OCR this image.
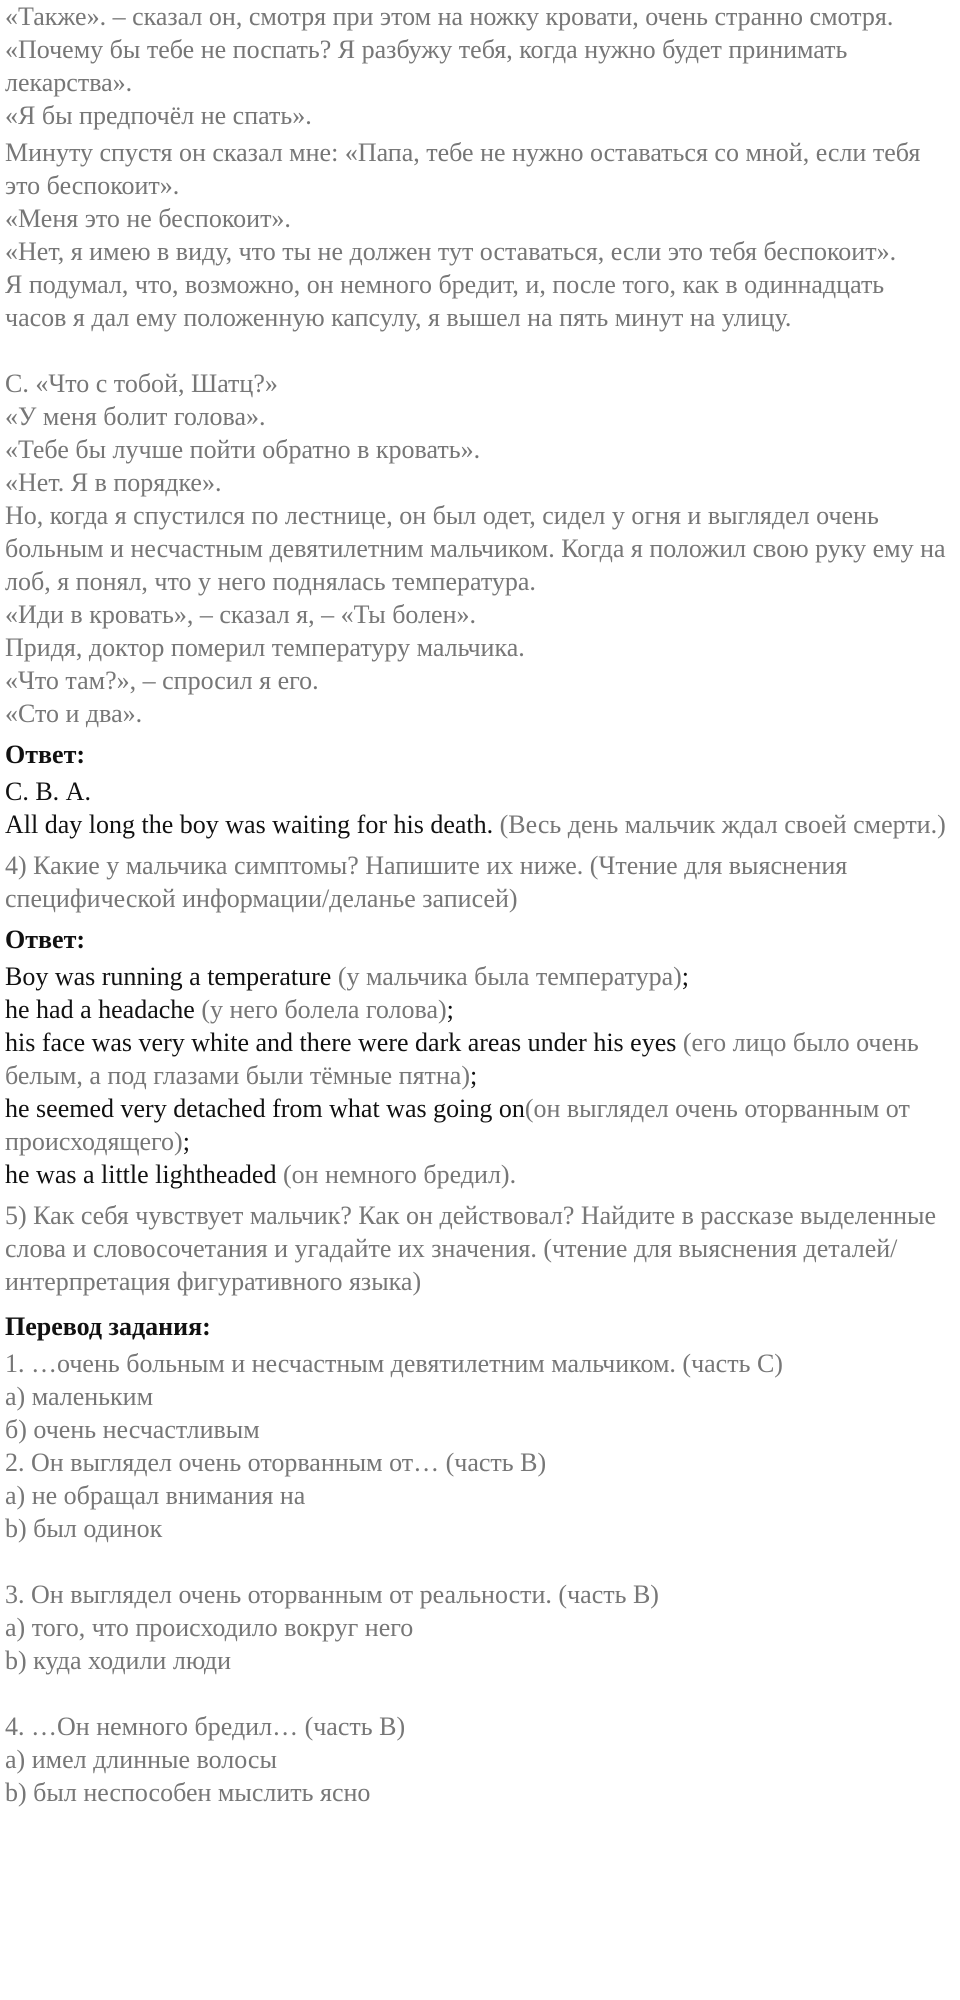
«Также». – сказал он, смотря при этом на ножку кровати, очень странно смотря.

«Почему бы тебе не поспать? Я разбужу тебя, когда нужно будет принимать лекарства».

«Я бы предпочёл не спать».

Минуту спустя он сказал мне: «Папа, тебе не нужно оставаться со мной, если тебя это беспокоит».

«Меня это не беспокоит».

«Нет, я имею в виду, что ты не должен тут оставаться, если это тебя беспокоит».

Я подумал, что, возможно, он немного бредит, и, после того, как в одиннадцать часов я дал ему положенную капсулу, я вышел на пять минут на улицу.

С. «Что с тобой, Шатц?»

«У меня болит голова».

«Тебе бы лучше пойти обратно в кровать».

«Нет. Я в порядке».

Но, когда я спустился по лестнице, он был одет, сидел у огня и выглядел очень больным и несчастным девятилетним мальчиком. Когда я положил свою руку ему на лоб, я понял, что у него поднялась температура.

«Иди в кровать», – сказал я, – «Ты болен».

Придя, доктор померил температуру мальчика.

«Что там?», – спросил я его.

«Сто и два».

Ответ:

С. В. А.

All day long the boy was waiting for his death. (Весь день мальчик ждал своей смерти.)

4) Какие у мальчика симптомы? Напишите их ниже. (Чтение для выяснения специфической информации/деланье записей)

Ответ:

Boy was running a temperature (у мальчика была температура);

he had a headache (у него болела голова);

his face was very white and there were dark areas under his eyes (его лицо было очень белым, а под глазами были тёмные пятна);

he seemed very detached from what was going on(он выглядел очень оторванным от происходящего);

he was a little lightheaded (он немного бредил).

5) Как себя чувствует мальчик? Как он действовал? Найдите в рассказе выделенные слова и словосочетания и угадайте их значения. (чтение для выяснения деталей/интерпретация фигуративного языка)

Перевод задания:

1. …очень больным и несчастным девятилетним мальчиком. (часть С)

а) маленьким

б) очень несчастливым

2. Он выглядел очень оторванным от… (часть В)

а) не обращал внимания на

b) был одинок

3. Он выглядел очень оторванным от реальности. (часть В)

а) того, что происходило вокруг него

b) куда ходили люди

4. …Он немного бредил… (часть В)

а) имел длинные волосы

b) был неспособен мыслить ясно
